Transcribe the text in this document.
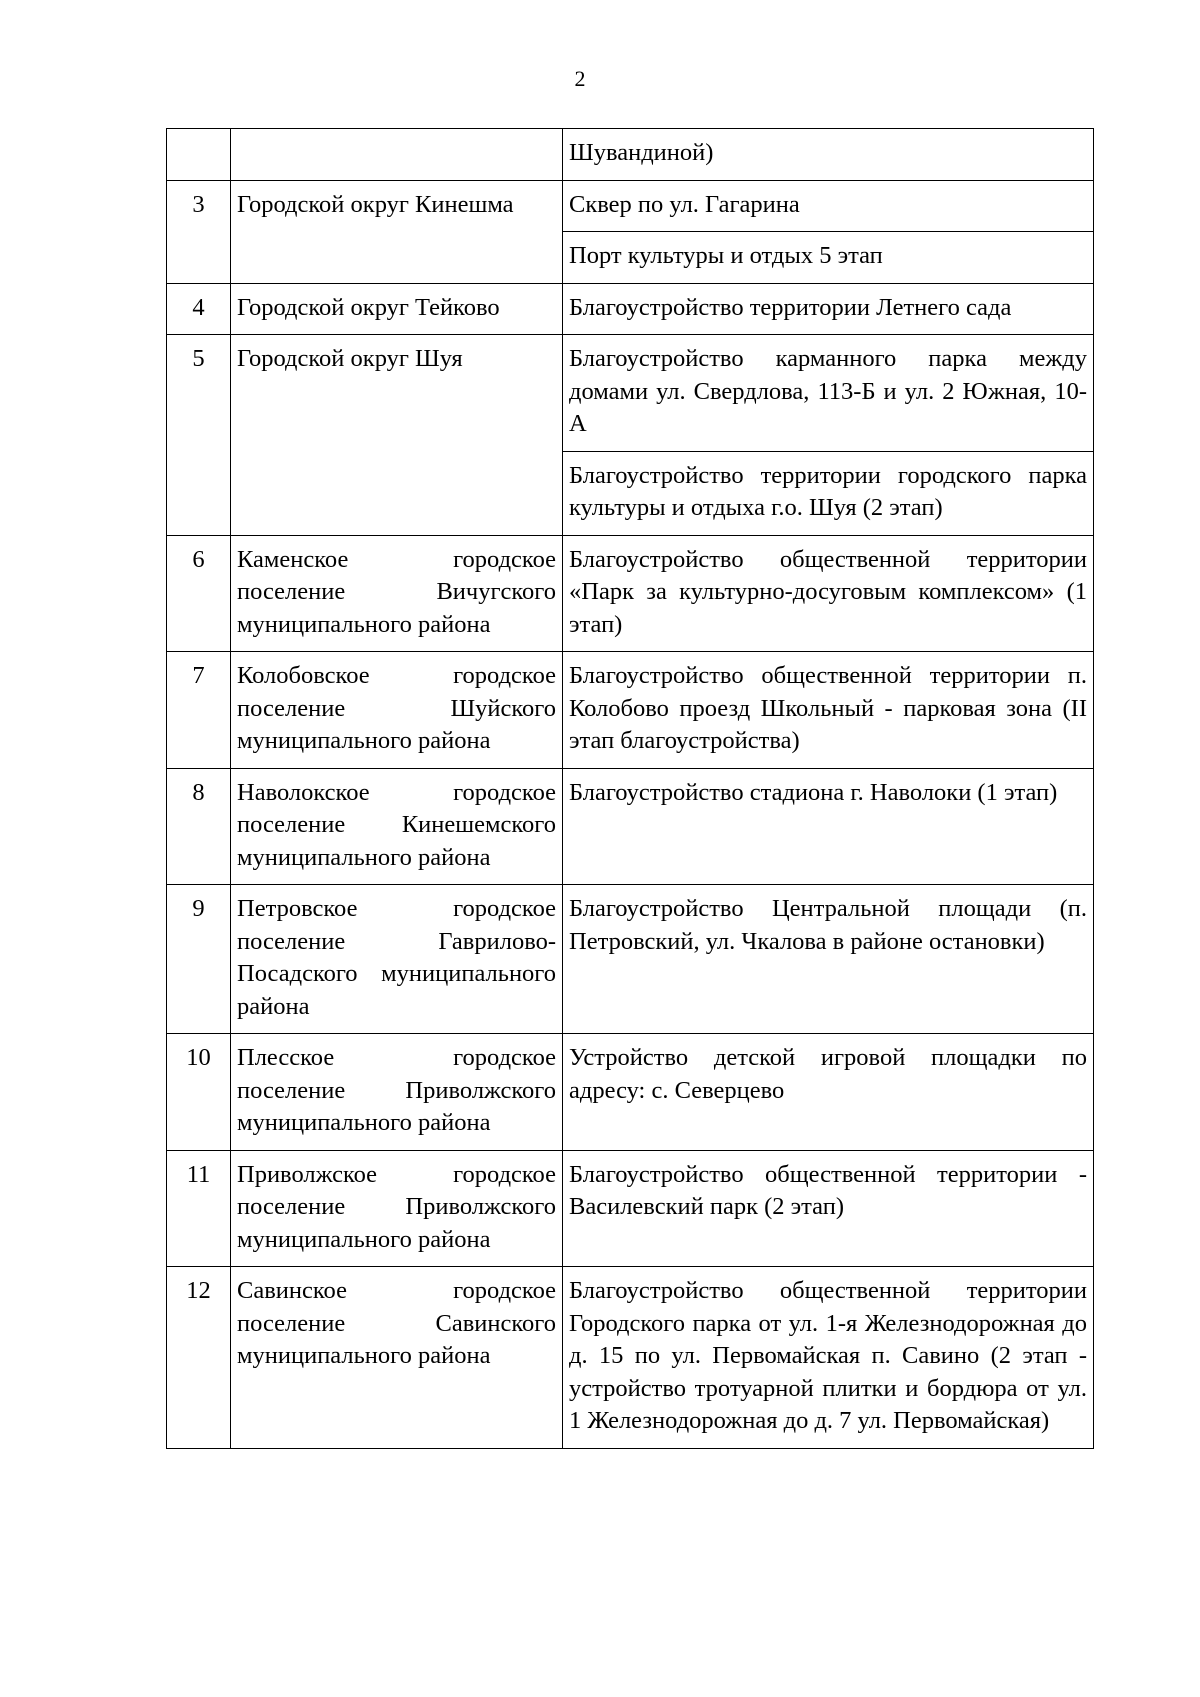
2
		Шувандиной)
3	Городской округ Кинешма	Сквер по ул. Гагарина
		Порт культуры и отдых 5 этап
4	Городской округ Тейково	Благоустройство территории Летнего сада
5	Городской округ Шуя	Благоустройство карманного парка между домами ул. Свердлова, 113-Б и ул. 2 Южная, 10-А
		Благоустройство территории городского парка культуры и отдыха г.о. Шуя (2 этап)
6	Каменское городское поселение Вичугского муниципального района	Благоустройство общественной территории «Парк за культурно-досуговым комплексом» (1 этап)
7	Колобовское городское поселение Шуйского муниципального района	Благоустройство общественной территории п. Колобово проезд Школьный - парковая зона (II этап благоустройства)
8	Наволокское городское поселение Кинешемского муниципального района	Благоустройство стадиона г. Наволоки (1 этап)
9	Петровское городское поселение Гаврилово-Посадского муниципального района	Благоустройство Центральной площади (п. Петровский, ул. Чкалова в районе остановки)
10	Плесское городское поселение Приволжского муниципального района	Устройство детской игровой площадки по адресу: с. Северцево
11	Приволжское городское поселение Приволжского муниципального района	Благоустройство общественной территории - Василевский парк (2 этап)
12	Савинское городское поселение Савинского муниципального района	Благоустройство общественной территории Городского парка от ул. 1-я Железнодорожная до д. 15 по ул. Первомайская п. Савино (2 этап - устройство тротуарной плитки и бордюра от ул. 1 Железнодорожная до д. 7 ул. Первомайская)
